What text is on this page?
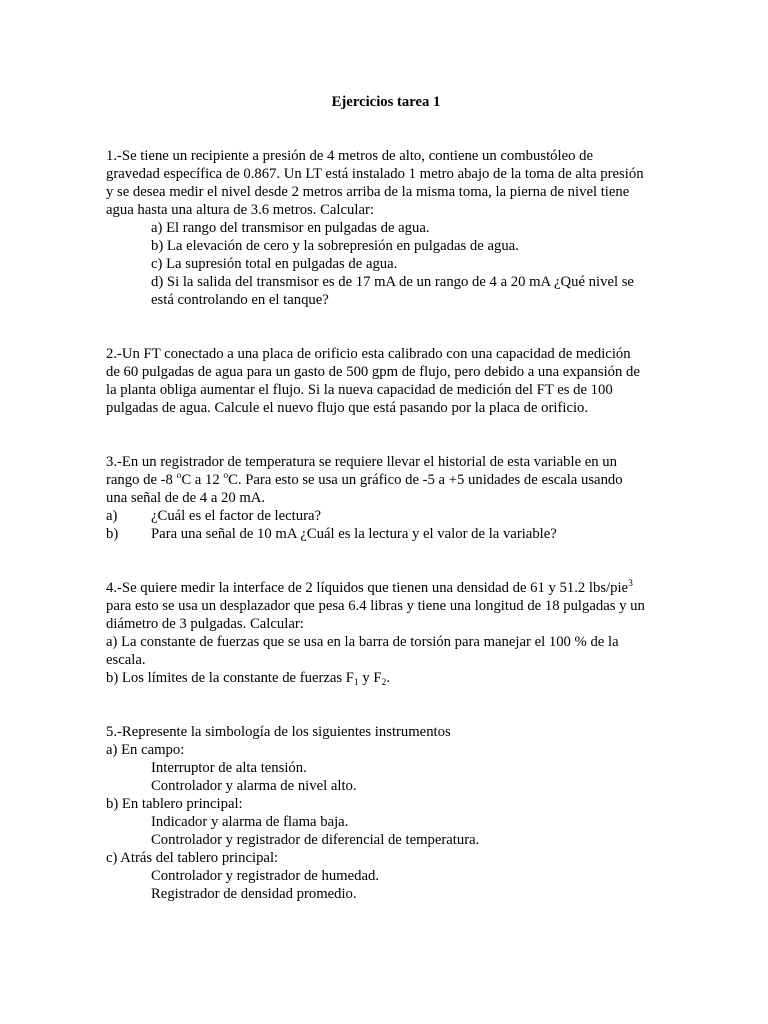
Ejercicios tarea 1
1.-Se tiene un recipiente a presión de 4 metros de alto, contiene un combustóleo de
gravedad específica de 0.867. Un LT está instalado 1 metro abajo de la toma de alta presión
y se desea medir el nivel desde 2 metros arriba de la misma toma, la pierna de nivel tiene
agua hasta una altura de 3.6 metros. Calcular:
a) El rango del transmisor en pulgadas de agua.
b) La elevación de cero y la sobrepresión en pulgadas de agua.
c) La supresión total en pulgadas de agua.
d) Si la salida del transmisor es de 17 mA de un rango de 4 a 20 mA ¿Qué nivel se
está controlando en el tanque?
2.-Un FT conectado a una placa de orificio esta calibrado con una capacidad de medición
de 60 pulgadas de agua para un gasto de 500 gpm de flujo, pero debido a una expansión de
la planta obliga aumentar el flujo. Si la nueva capacidad de medición del FT es de 100
pulgadas de agua. Calcule el nuevo flujo que está pasando por la placa de orificio.
3.-En un registrador de temperatura se requiere llevar el historial de esta variable en un
rango de -8 $^o$C a 12 $^o$C. Para esto se usa un gráfico de -5 a +5 unidades de escala usando
una señal de de 4 a 20 mA.
a)	¿Cuál es el factor de lectura?
b)	Para una señal de 10 mA ¿Cuál es la lectura y el valor de la variable?
4.-Se quiere medir la interface de 2 líquidos que tienen una densidad de 61 y 51.2 lbs/pie$^3$
para esto se usa un desplazador que pesa 6.4 libras y tiene una longitud de 18 pulgadas y un
diámetro de 3 pulgadas. Calcular:
a) La constante de fuerzas que se usa en la barra de torsión para manejar el 100 % de la
escala.
b) Los límites de la constante de fuerzas $F_1$ y $F_2$.
5.-Represente la simbología de los siguientes instrumentos
a) En campo:
Interruptor de alta tensión.
Controlador y alarma de nivel alto.
b) En tablero principal:
Indicador y alarma de flama baja.
Controlador y registrador de diferencial de temperatura.
c) Atrás del tablero principal:
Controlador y registrador de humedad.
Registrador de densidad promedio.
